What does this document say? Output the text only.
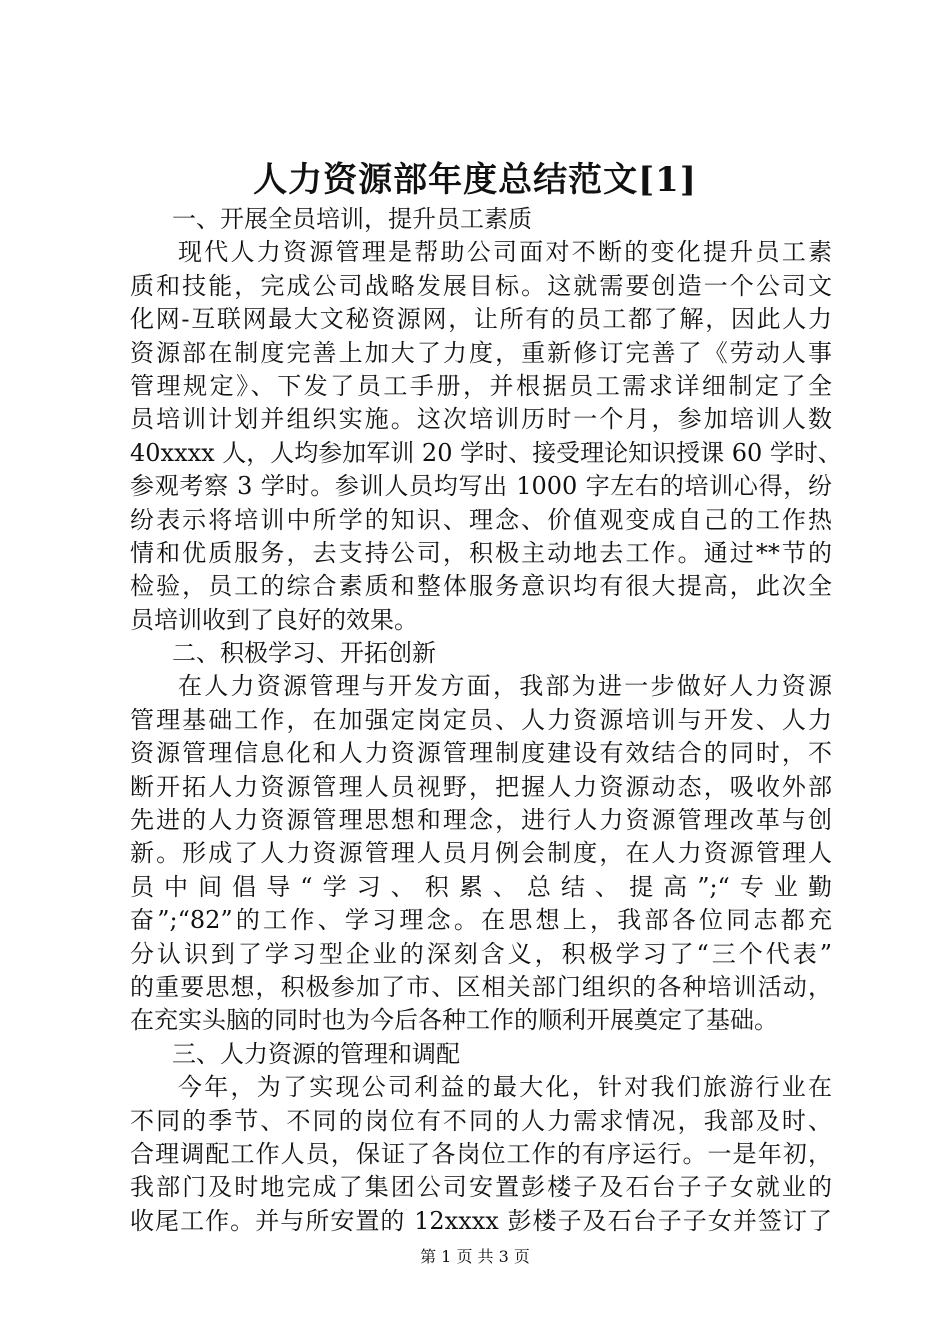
人力资源部年度总结范文[1]
一、开展全员培训，提升员工素质
现代人力资源管理是帮助公司面对不断的变化提升员工素
质和技能，完成公司战略发展目标。这就需要创造一个公司文
化网-互联网最大文秘资源网，让所有的员工都了解，因此人力
资源部在制度完善上加大了力度，重新修订完善了《劳动人事
管理规定》、下发了员工手册，并根据员工需求详细制定了全
员培训计划并组织实施。这次培训历时一个月，参加培训人数
40xxxx 人，人均参加军训 20 学时、接受理论知识授课 60 学时、
参观考察 3 学时。参训人员均写出 1000 字左右的培训心得，纷
纷表示将培训中所学的知识、理念、价值观变成自己的工作热
情和优质服务，去支持公司，积极主动地去工作。通过**节的
检验，员工的综合素质和整体服务意识均有很大提高，此次全
员培训收到了良好的效果。
二、积极学习、开拓创新
在人力资源管理与开发方面，我部为进一步做好人力资源
管理基础工作，在加强定岗定员、人力资源培训与开发、人力
资源管理信息化和人力资源管理制度建设有效结合的同时，不
断开拓人力资源管理人员视野，把握人力资源动态，吸收外部
先进的人力资源管理思想和理念，进行人力资源管理改革与创
新。形成了人力资源管理人员月例会制度，在人力资源管理人
员中间倡导“学习、积累、总结、提高”;“专业勤
奋”;“82”的工作、学习理念。在思想上，我部各位同志都充
分认识到了学习型企业的深刻含义，积极学习了“三个代表”
的重要思想，积极参加了市、区相关部门组织的各种培训活动，
在充实头脑的同时也为今后各种工作的顺利开展奠定了基础。
三、人力资源的管理和调配
今年，为了实现公司利益的最大化，针对我们旅游行业在
不同的季节、不同的岗位有不同的人力需求情况，我部及时、
合理调配工作人员，保证了各岗位工作的有序运行。一是年初，
我部门及时地完成了集团公司安置彭楼子及石台子子女就业的
收尾工作。并与所安置的 12xxxx 彭楼子及石台子子女并签订了
第 1 页 共 3 页
